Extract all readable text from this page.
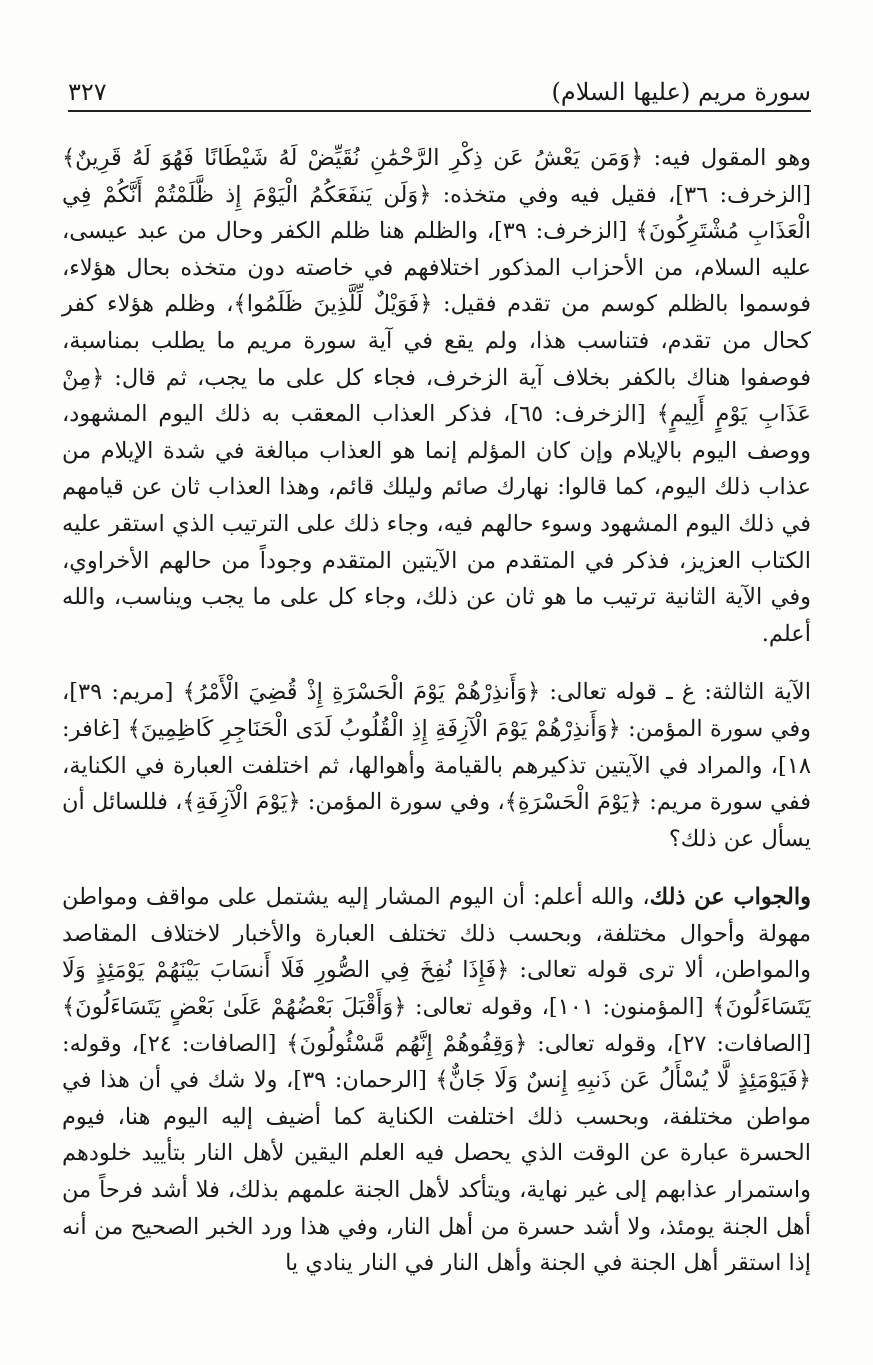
سورة مريم (عليها السلام)
٣٢٧

وهو المقول فيه: ﴿وَمَن يَعْشُ عَن ذِكْرِ الرَّحْمَٰنِ نُقَيِّضْ لَهُ شَيْطَانًا فَهُوَ لَهُ قَرِينٌ﴾ [الزخرف: ٣٦]، فقيل فيه وفي متخذه: ﴿وَلَن يَنفَعَكُمُ الْيَوْمَ إِذ ظَّلَمْتُمْ أَنَّكُمْ فِي الْعَذَابِ مُشْتَرِكُونَ﴾ [الزخرف: ٣٩]، والظلم هنا ظلم الكفر وحال من عبد عيسى، عليه السلام، من الأحزاب المذكور اختلافهم في خاصته دون متخذه بحال هؤلاء، فوسموا بالظلم كوسم من تقدم فقيل: ﴿فَوَيْلٌ لِّلَّذِينَ ظَلَمُوا﴾، وظلم هؤلاء كفر كحال من تقدم، فتناسب هذا، ولم يقع في آية سورة مريم ما يطلب بمناسبة، فوصفوا هناك بالكفر بخلاف آية الزخرف، فجاء كل على ما يجب، ثم قال: ﴿مِنْ عَذَابِ يَوْمٍ أَلِيمٍ﴾ [الزخرف: ٦٥]، فذكر العذاب المعقب به ذلك اليوم المشهود، ووصف اليوم بالإيلام وإن كان المؤلم إنما هو العذاب مبالغة في شدة الإيلام من عذاب ذلك اليوم، كما قالوا: نهارك صائم وليلك قائم، وهذا العذاب ثان عن قيامهم في ذلك اليوم المشهود وسوء حالهم فيه، وجاء ذلك على الترتيب الذي استقر عليه الكتاب العزيز، فذكر في المتقدم من الآيتين المتقدم وجوداً من حالهم الأخراوي، وفي الآية الثانية ترتيب ما هو ثان عن ذلك، وجاء كل على ما يجب ويناسب، والله أعلم.

الآية الثالثة: غ ـ قوله تعالى: ﴿وَأَنذِرْهُمْ يَوْمَ الْحَسْرَةِ إِذْ قُضِيَ الْأَمْرُ﴾ [مريم: ٣٩]، وفي سورة المؤمن: ﴿وَأَنذِرْهُمْ يَوْمَ الْآزِفَةِ إِذِ الْقُلُوبُ لَدَى الْحَنَاجِرِ كَاظِمِينَ﴾ [غافر: ١٨]، والمراد في الآيتين تذكيرهم بالقيامة وأهوالها، ثم اختلفت العبارة في الكناية، ففي سورة مريم: ﴿يَوْمَ الْحَسْرَةِ﴾، وفي سورة المؤمن: ﴿يَوْمَ الْآزِفَةِ﴾، فللسائل أن يسأل عن ذلك؟

والجواب عن ذلك، والله أعلم: أن اليوم المشار إليه يشتمل على مواقف ومواطن مهولة وأحوال مختلفة، وبحسب ذلك تختلف العبارة والأخبار لاختلاف المقاصد والمواطن، ألا ترى قوله تعالى: ﴿فَإِذَا نُفِخَ فِي الصُّورِ فَلَا أَنسَابَ بَيْنَهُمْ يَوْمَئِذٍ وَلَا يَتَسَاءَلُونَ﴾ [المؤمنون: ١٠١]، وقوله تعالى: ﴿وَأَقْبَلَ بَعْضُهُمْ عَلَىٰ بَعْضٍ يَتَسَاءَلُونَ﴾ [الصافات: ٢٧]، وقوله تعالى: ﴿وَقِفُوهُمْ إِنَّهُم مَّسْئُولُونَ﴾ [الصافات: ٢٤]، وقوله: ﴿فَيَوْمَئِذٍ لَّا يُسْأَلُ عَن ذَنبِهِ إِنسٌ وَلَا جَانٌّ﴾ [الرحمان: ٣٩]، ولا شك في أن هذا في مواطن مختلفة، وبحسب ذلك اختلفت الكناية كما أضيف إليه اليوم هنا، فيوم الحسرة عبارة عن الوقت الذي يحصل فيه العلم اليقين لأهل النار بتأييد خلودهم واستمرار عذابهم إلى غير نهاية، ويتأكد لأهل الجنة علمهم بذلك، فلا أشد فرحاً من أهل الجنة يومئذ، ولا أشد حسرة من أهل النار، وفي هذا ورد الخبر الصحيح من أنه إذا استقر أهل الجنة في الجنة وأهل النار في النار ينادي يا
